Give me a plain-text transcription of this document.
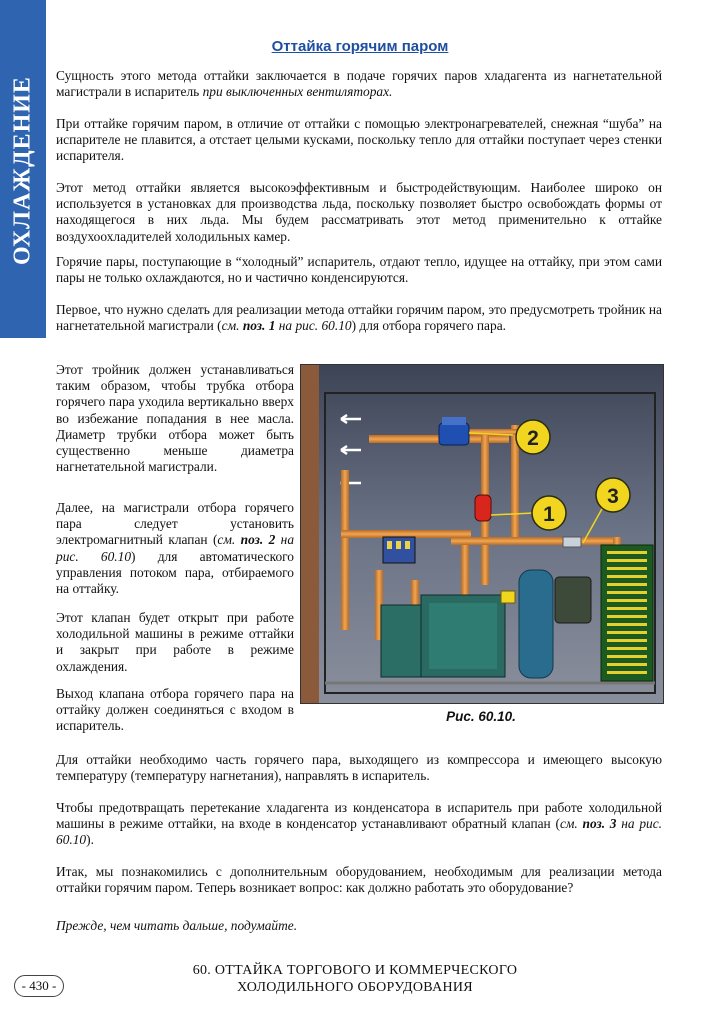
ОХЛАЖДЕНИЕ
Оттайка горячим паром

Сущность этого метода оттайки заключается в подаче горячих паров хладагента из нагнетательной магистрали в испаритель при выключенных вентиляторах.

При оттайке горячим паром, в отличие от оттайки с помощью электронагревателей, снежная “шуба” на испарителе не плавится, а отстает целыми кусками, поскольку тепло для оттайки поступает через стенки испарителя.

Этот метод оттайки является высокоэффективным и быстродействующим. Наиболее широко он используется в установках для производства льда, поскольку позволяет быстро освобождать формы от находящегося в них льда. Мы будем рассматривать этот метод применительно к оттайке воздухоохладителей холодильных камер.

Горячие пары, поступающие в “холодный” испаритель, отдают тепло, идущее на оттайку, при этом сами пары не только охлаждаются, но и частично конденсируются.

Первое, что нужно сделать для реализации метода оттайки горячим паром, это предусмотреть тройник на нагнетательной магистрали (см. поз. 1 на рис. 60.10) для отбора горячего пара.

Этот тройник должен устанавливаться таким образом, чтобы трубка отбора горячего пара уходила вертикально вверх во избежание попадания в нее масла. Диаметр трубки отбора может быть существенно меньше диаметра нагнетательной магистрали.

Далее, на магистрали отбора горячего пара следует установить электромагнитный клапан (см. поз. 2 на рис. 60.10) для автоматического управления потоком пара, отбираемого на оттайку.

Этот клапан будет открыт при работе холодильной машины в режиме оттайки и закрыт при работе в режиме охлаждения.

Выход клапана отбора горячего пара на оттайку должен соединяться с входом в испаритель.

2
1
3
Рис. 60.10.

Для оттайки необходимо часть горячего пара, выходящего из компрессора и имеющего высокую температуру (температуру нагнетания), направлять в испаритель.

Чтобы предотвращать перетекание хладагента из конденсатора в испаритель при работе холодильной машины в режиме оттайки, на входе в конденсатор устанавливают обратный клапан (см. поз. 3 на рис. 60.10).

Итак, мы познакомились с дополнительным оборудованием, необходимым для реализации метода оттайки горячим паром. Теперь возникает вопрос: как должно работать это оборудование?

Прежде, чем читать дальше, подумайте.

- 430 -
60. ОТТАЙКА ТОРГОВОГО И КОММЕРЧЕСКОГО
ХОЛОДИЛЬНОГО ОБОРУДОВАНИЯ
